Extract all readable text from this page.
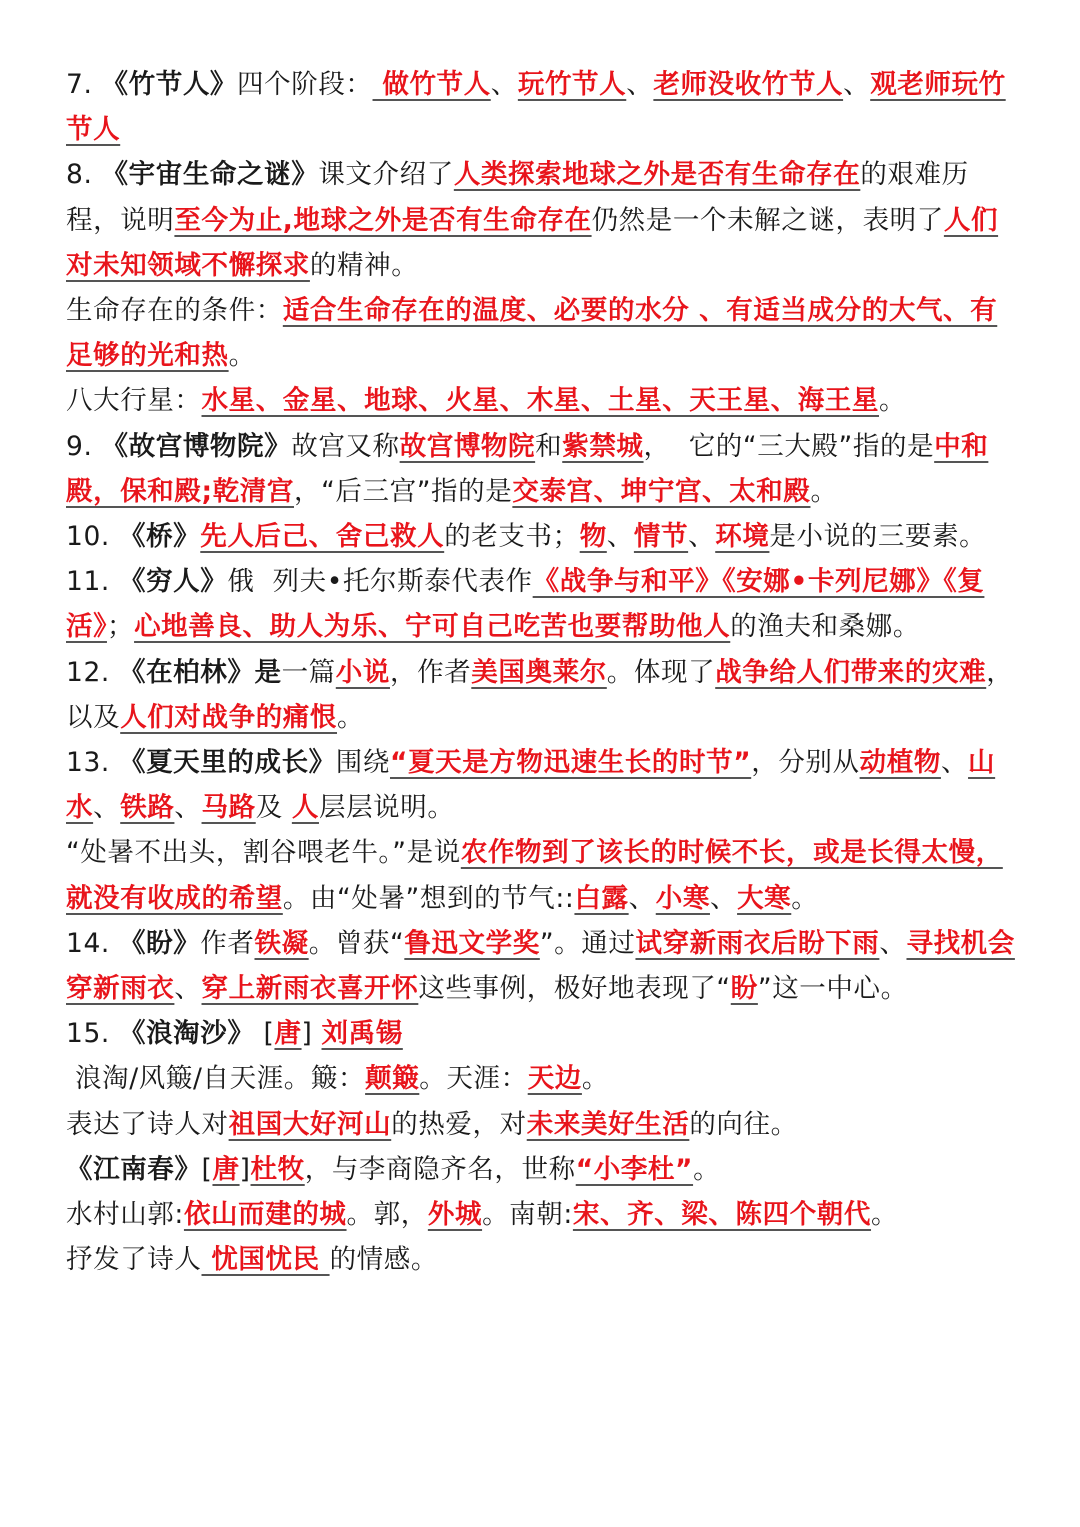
7. 《竹节人》四个阶段： 做竹节人、玩竹节人、老师没收竹节人、观老师玩竹节人

8. 《宇宙生命之谜》课文介绍了人类探索地球之外是否有生命存在的艰难历程，说明至今为止,地球之外是否有生命存在仍然是一个未解之谜，表明了人们对未知领域不懈探求的精神。

生命存在的条件：适合生命存在的温度、必要的水分 、有适当成分的大气、有足够的光和热。

八大行星：水星、金星、地球、火星、木星、土星、天王星、海王星。

9. 《故宫博物院》故宫又称故宫博物院和紫禁城，  它的“三大殿”指的是中和殿，保和殿;乾清宫，“后三宫”指的是交泰宫、坤宁宫、太和殿。

10. 《桥》先人后己、舍己救人的老支书；物、情节、环境是小说的三要素。

11. 《穷人》俄  列夫•托尔斯泰代表作《战争与和平》《安娜•卡列尼娜》《复活》；心地善良、助人为乐、宁可自己吃苦也要帮助他人的渔夫和桑娜。

12. 《在柏林》是一篇小说，作者美国奥莱尔。体现了战争给人们带来的灾难，以及人们对战争的痛恨。

13. 《夏天里的成长》围绕“夏天是方物迅速生长的时节”，分别从动植物、山水、铁路、马路及 人层层说明。

“处暑不出头，割谷喂老牛。”是说农作物到了该长的时候不长，或是长得太慢，就没有收成的希望。由“处暑”想到的节气::白露、小寒、大寒。

14. 《盼》作者铁凝。曾获“鲁迅文学奖”。通过试穿新雨衣后盼下雨、寻找机会穿新雨衣、穿上新雨衣喜开怀这些事例，极好地表现了“盼”这一中心。

15. 《浪淘沙》 [唐] 刘禹锡

浪淘/风簸/自天涯。簸：颠簸。天涯：天边。

表达了诗人对祖国大好河山的热爱，对未来美好生活的向往。

《江南春》[唐]杜牧，与李商隐齐名，世称“小李杜”。

水村山郭:依山而建的城。郭，外城。南朝:宋、齐、梁、陈四个朝代。

抒发了诗人 忧国忧民 的情感。
